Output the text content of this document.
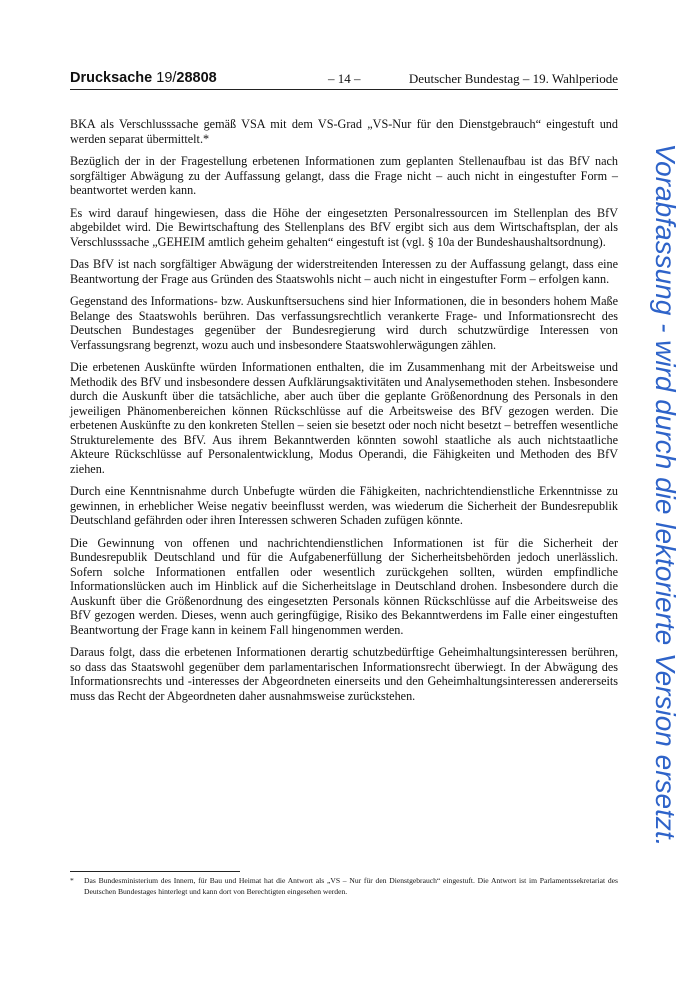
Drucksache 19/28808	– 14 –	Deutscher Bundestag – 19. Wahlperiode

BKA als Verschlusssache gemäß VSA mit dem VS-Grad „VS-Nur für den Dienstgebrauch“ eingestuft und werden separat übermittelt.*

Bezüglich der in der Fragestellung erbetenen Informationen zum geplanten Stellenaufbau ist das BfV nach sorgfältiger Abwägung zu der Auffassung gelangt, dass die Frage nicht – auch nicht in eingestufter Form – beantwortet werden kann.

Es wird darauf hingewiesen, dass die Höhe der eingesetzten Personalressourcen im Stellenplan des BfV abgebildet wird. Die Bewirtschaftung des Stellenplans des BfV ergibt sich aus dem Wirtschaftsplan, der als Verschlusssache „GEHEIM amtlich geheim gehalten“ eingestuft ist (vgl. § 10a der Bundeshaushaltsordnung).

Das BfV ist nach sorgfältiger Abwägung der widerstreitenden Interessen zu der Auffassung gelangt, dass eine Beantwortung der Frage aus Gründen des Staatswohls nicht – auch nicht in eingestufter Form – erfolgen kann.

Gegenstand des Informations- bzw. Auskunftsersuchens sind hier Informationen, die in besonders hohem Maße Belange des Staatswohls berühren. Das verfassungsrechtlich verankerte Frage- und Informationsrecht des Deutschen Bundestages gegenüber der Bundesregierung wird durch schutzwürdige Interessen von Verfassungsrang begrenzt, wozu auch und insbesondere Staatswohlerwägungen zählen.

Die erbetenen Auskünfte würden Informationen enthalten, die im Zusammenhang mit der Arbeitsweise und Methodik des BfV und insbesondere dessen Aufklärungsaktivitäten und Analysemethoden stehen. Insbesondere durch die Auskunft über die tatsächliche, aber auch über die geplante Größenordnung des Personals in den jeweiligen Phänomenbereichen können Rückschlüsse auf die Arbeitsweise des BfV gezogen werden. Die erbetenen Auskünfte zu den konkreten Stellen – seien sie besetzt oder noch nicht besetzt – betreffen wesentliche Strukturelemente des BfV. Aus ihrem Bekanntwerden könnten sowohl staatliche als auch nichtstaatliche Akteure Rückschlüsse auf Personalentwicklung, Modus Operandi, die Fähigkeiten und Methoden des BfV ziehen.

Durch eine Kenntnisnahme durch Unbefugte würden die Fähigkeiten, nachrichtendienstliche Erkenntnisse zu gewinnen, in erheblicher Weise negativ beeinflusst werden, was wiederum die Sicherheit der Bundesrepublik Deutschland gefährden oder ihren Interessen schweren Schaden zufügen könnte.

Die Gewinnung von offenen und nachrichtendienstlichen Informationen ist für die Sicherheit der Bundesrepublik Deutschland und für die Aufgabenerfüllung der Sicherheitsbehörden jedoch unerlässlich. Sofern solche Informationen entfallen oder wesentlich zurückgehen sollten, würden empfindliche Informationslücken auch im Hinblick auf die Sicherheitslage in Deutschland drohen. Insbesondere durch die Auskunft über die Größenordnung des eingesetzten Personals können Rückschlüsse auf die Arbeitsweise des BfV gezogen werden. Dieses, wenn auch geringfügige, Risiko des Bekanntwerdens im Falle einer eingestuften Beantwortung der Frage kann in keinem Fall hingenommen werden.

Daraus folgt, dass die erbetenen Informationen derartig schutzbedürftige Geheimhaltungsinteressen berühren, so dass das Staatswohl gegenüber dem parlamentarischen Informationsrecht überwiegt. In der Abwägung des Informationsrechts und -interesses der Abgeordneten einerseits und den Geheimhaltungsinteressen andererseits muss das Recht der Abgeordneten daher ausnahmsweise zurückstehen.

*	Das Bundesministerium des Innern, für Bau und Heimat hat die Antwort als „VS – Nur für den Dienstgebrauch“ eingestuft. Die Antwort ist im Parlamentssekretariat des Deutschen Bundestages hinterlegt und kann dort von Berechtigten eingesehen werden.
Vorabfassung - wird durch die lektorierte Version ersetzt.
